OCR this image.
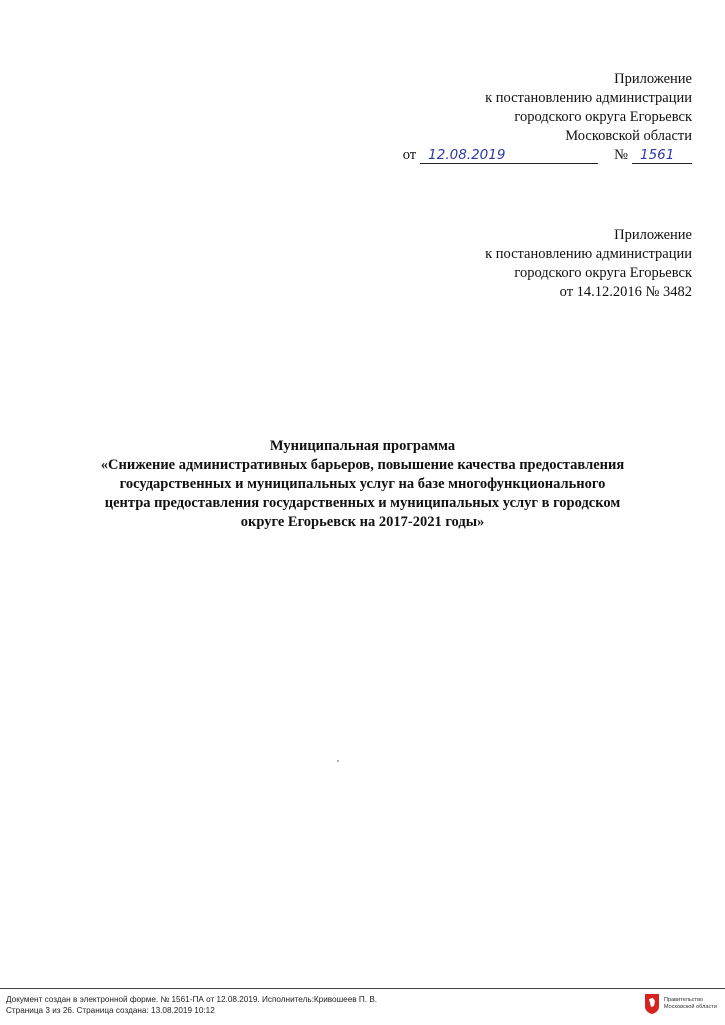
Приложение
к постановлению администрации
городского округа Егорьевск
Московской области
от 12.08.2019	№ 1561
Приложение
к постановлению администрации
городского округа Егорьевск
от 14.12.2016 № 3482
Муниципальная программа
«Снижение административных барьеров, повышение качества предоставления
государственных и муниципальных услуг на базе многофункционального
центра предоставления государственных и муниципальных услуг в городском
округе Егорьевск на 2017-2021 годы»
Документ создан в электронной форме. № 1561-ПА от 12.08.2019. Исполнитель:Кривошеев П. В.
Страница 3 из 26. Страница создана: 13.08.2019 10:12
Правительство
Московской области
